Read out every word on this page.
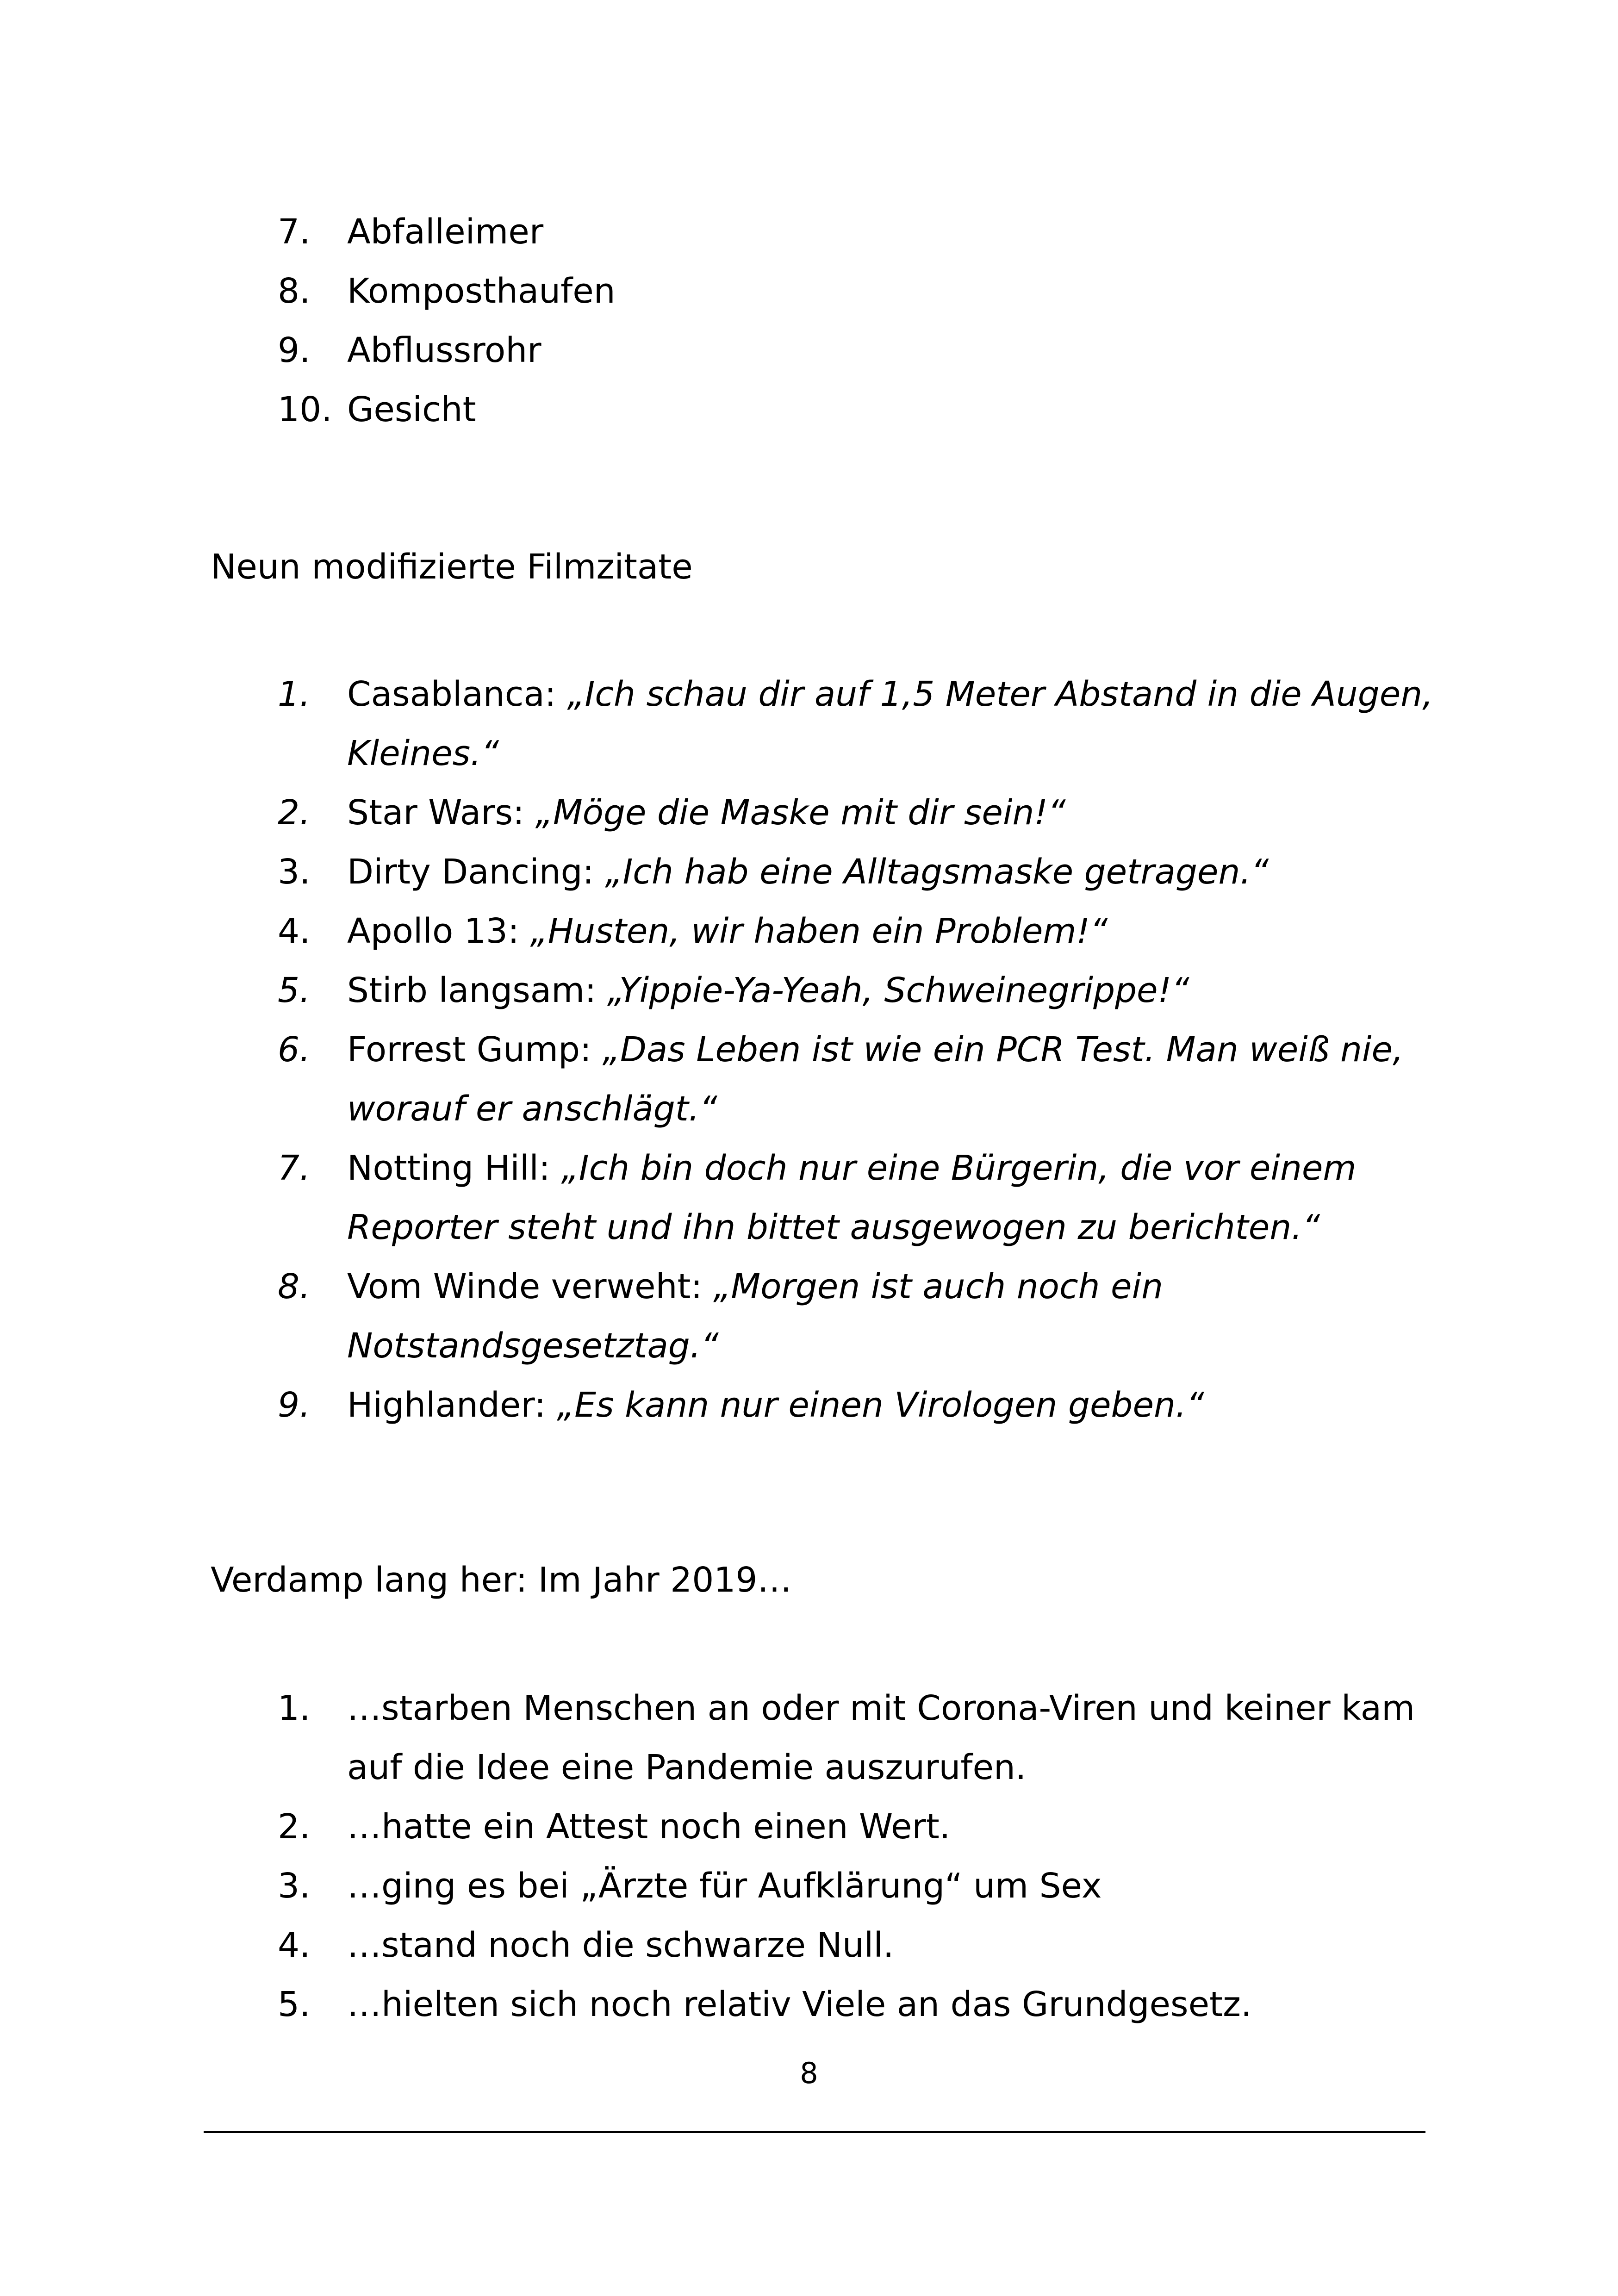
7. Abfalleimer
8. Komposthaufen
9. Abflussrohr
10. Gesicht
Neun modifizierte Filmzitate
1. Casablanca: „Ich schau dir auf 1,5 Meter Abstand in die Augen, Kleines.“
2. Star Wars: „Möge die Maske mit dir sein!“
3. Dirty Dancing: „Ich hab eine Alltagsmaske getragen.“
4. Apollo 13: „Husten, wir haben ein Problem!“
5. Stirb langsam: „Yippie-Ya-Yeah, Schweinegrippe!“
6. Forrest Gump: „Das Leben ist wie ein PCR Test. Man weiß nie, worauf er anschlägt.“
7. Notting Hill: „Ich bin doch nur eine Bürgerin, die vor einem Reporter steht und ihn bittet ausgewogen zu berichten.“
8. Vom Winde verweht: „Morgen ist auch noch ein Notstandsgesetztag.“
9. Highlander: „Es kann nur einen Virologen geben.“
Verdamp lang her: Im Jahr 2019…
1. …starben Menschen an oder mit Corona-Viren und keiner kam auf die Idee eine Pandemie auszurufen.
2. …hatte ein Attest noch einen Wert.
3. …ging es bei „Ärzte für Aufklärung“ um Sex
4. …stand noch die schwarze Null.
5. …hielten sich noch relativ Viele an das Grundgesetz.
8
